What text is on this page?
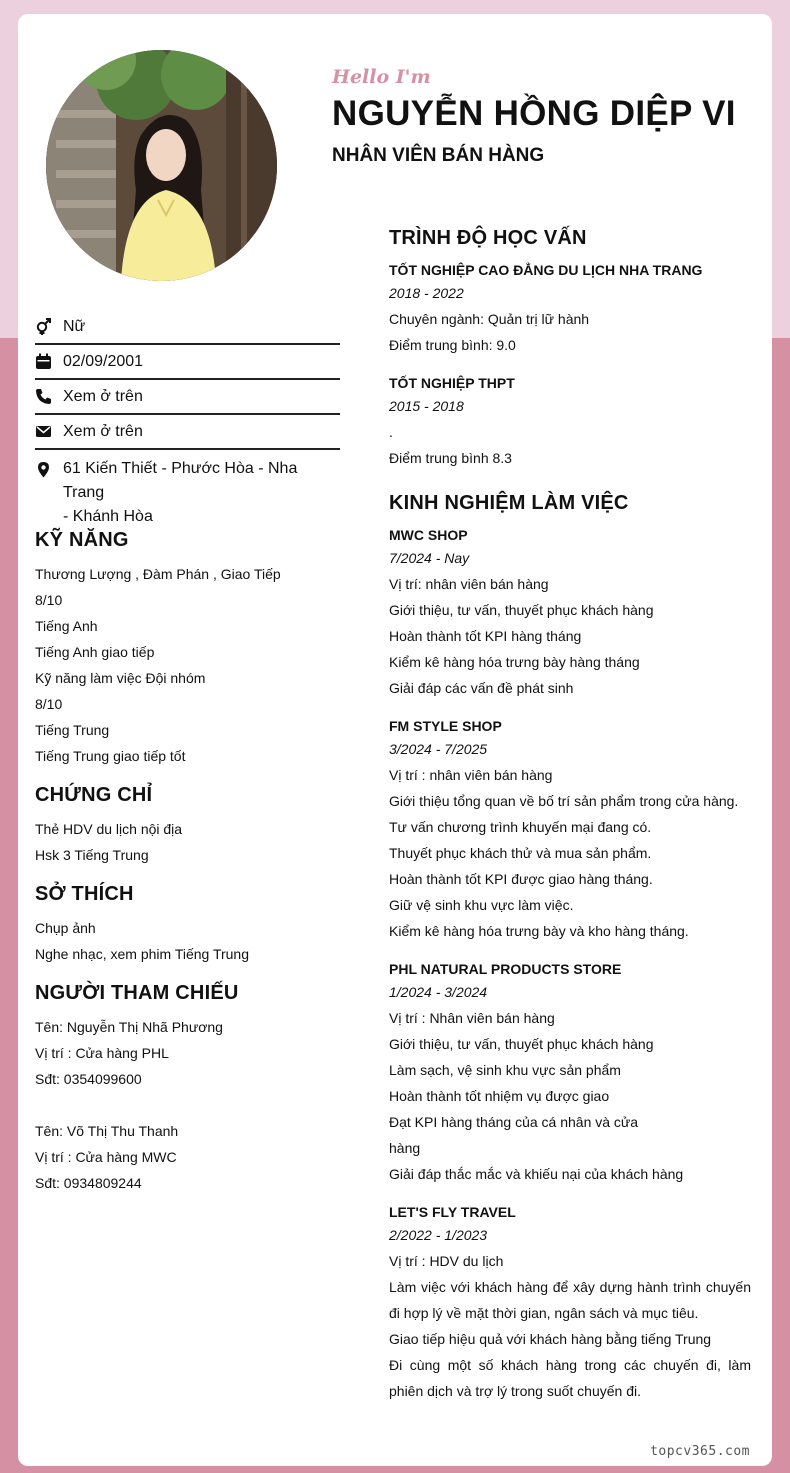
Hello I'm
NGUYỄN HỒNG DIỆP VI
NHÂN VIÊN BÁN HÀNG
Nữ
02/09/2001
Xem ở trên
Xem ở trên
61 Kiến Thiết - Phước Hòa - Nha Trang
- Khánh Hòa
KỸ NĂNG
Thương Lượng , Đàm Phán , Giao Tiếp
8/10
Tiếng Anh
Tiếng Anh giao tiếp
Kỹ năng làm việc Đội nhóm
8/10
Tiếng Trung
Tiếng Trung giao tiếp tốt
CHỨNG CHỈ
Thẻ HDV du lịch nội địa
Hsk 3 Tiếng Trung
SỞ THÍCH
Chụp ảnh
Nghe nhạc, xem phim Tiếng Trung
NGƯỜI THAM CHIẾU
Tên: Nguyễn Thị Nhã Phương
Vị trí : Cửa hàng PHL
Sđt: 0354099600
Tên: Võ Thị Thu Thanh
Vị trí : Cửa hàng MWC
Sđt: 0934809244
TRÌNH ĐỘ HỌC VẤN
TỐT NGHIỆP CAO ĐẲNG DU LỊCH NHA TRANG
2018 - 2022
Chuyên ngành: Quản trị lữ hành
Điểm trung bình: 9.0
TỐT NGHIỆP THPT
2015 - 2018
.
Điểm trung bình 8.3
KINH NGHIỆM LÀM VIỆC
MWC SHOP
7/2024 - Nay
Vị trí: nhân viên bán hàng
Giới thiệu, tư vấn, thuyết phục khách hàng
Hoàn thành tốt KPI hàng tháng
Kiểm kê hàng hóa trưng bày hàng tháng
Giải đáp các vấn đề phát sinh
FM STYLE SHOP
3/2024 - 7/2025
Vị trí : nhân viên bán hàng
Giới thiệu tổng quan về bố trí sản phẩm trong cửa hàng.
Tư vấn chương trình khuyến mại đang có.
Thuyết phục khách thử và mua sản phẩm.
Hoàn thành tốt KPI được giao hàng tháng.
Giữ vệ sinh khu vực làm việc.
Kiểm kê hàng hóa trưng bày và kho hàng tháng.
PHL NATURAL PRODUCTS STORE
1/2024 - 3/2024
Vị trí : Nhân viên bán hàng
Giới thiệu, tư vấn, thuyết phục khách hàng
Làm sạch, vệ sinh khu vực sản phẩm
Hoàn thành tốt nhiệm vụ được giao
Đạt KPI hàng tháng của cá nhân và cửa
hàng
Giải đáp thắc mắc và khiếu nại của khách hàng
LET'S FLY TRAVEL
2/2022 - 1/2023
Vị trí : HDV du lịch
Làm việc với khách hàng để xây dựng hành trình chuyến đi hợp lý về mặt thời gian, ngân sách và mục tiêu.
Giao tiếp hiệu quả với khách hàng bằng tiếng Trung
Đi cùng một số khách hàng trong các chuyến đi, làm phiên dịch và trợ lý trong suốt chuyến đi.
topcv365.com
